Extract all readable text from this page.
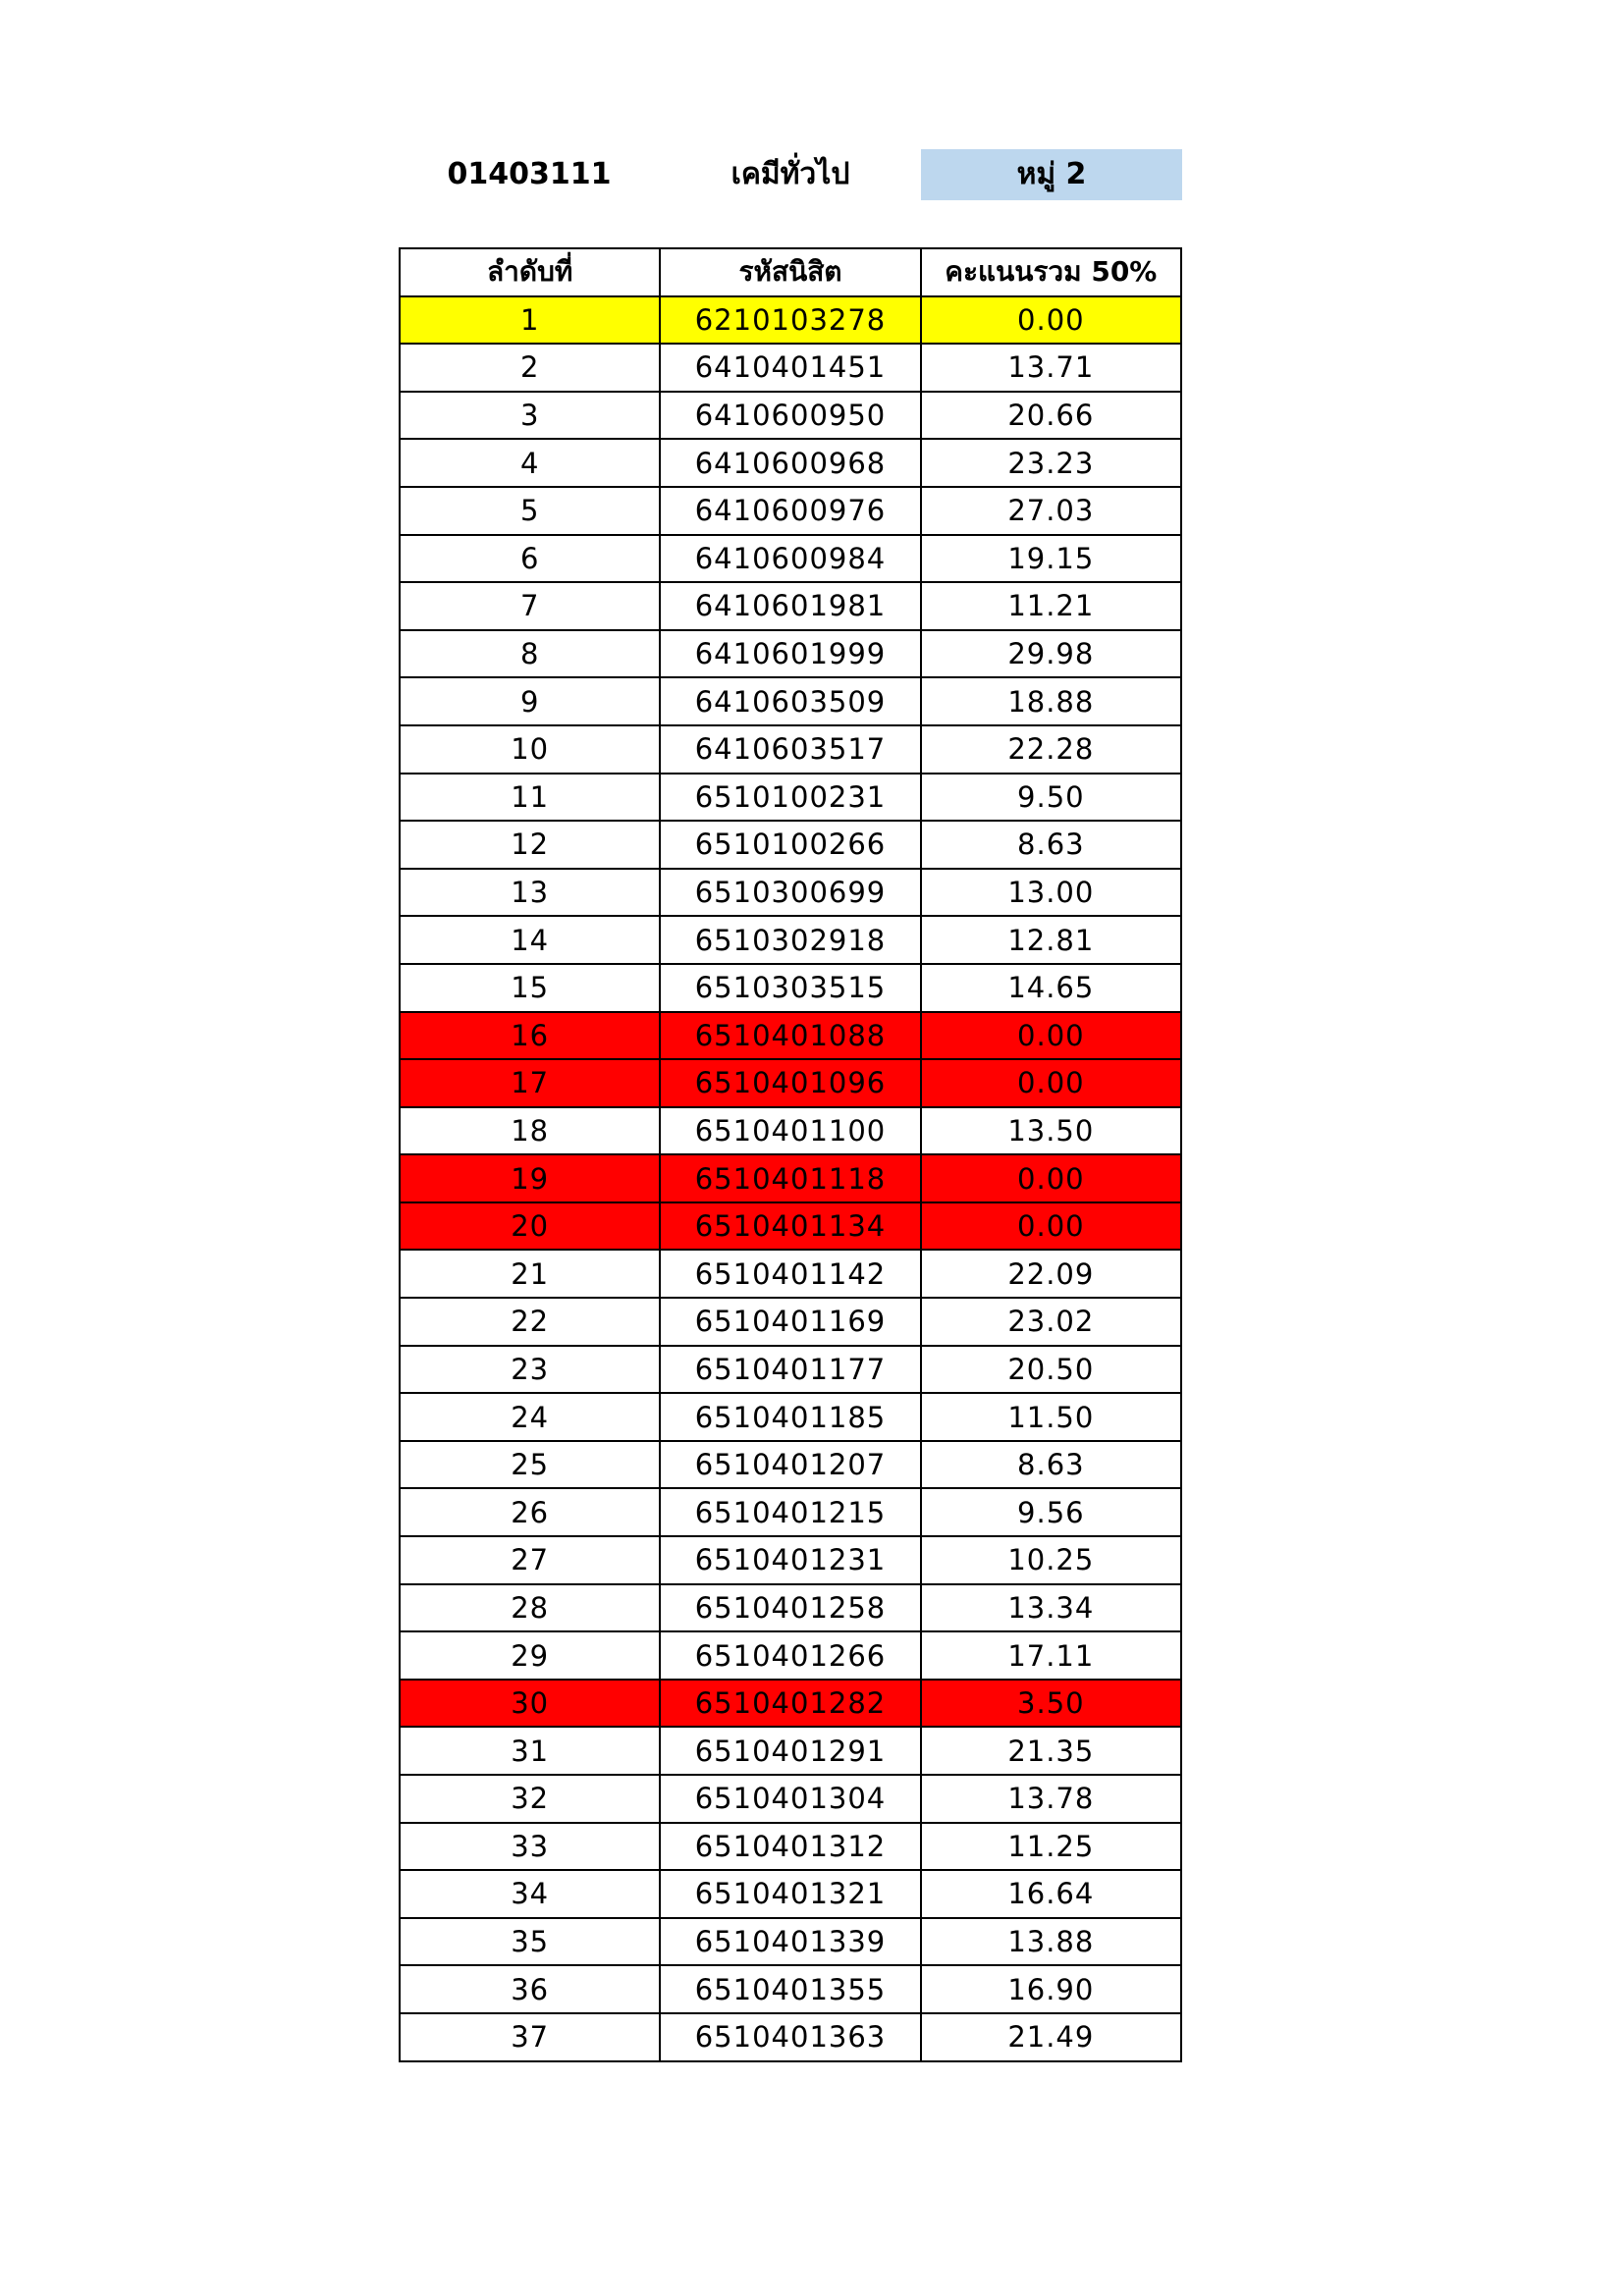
01403111	เคมีทั่วไป	หมู่ 2
ลำดับที่	รหัสนิสิต	คะแนนรวม 50%
1	6210103278	0.00
2	6410401451	13.71
3	6410600950	20.66
4	6410600968	23.23
5	6410600976	27.03
6	6410600984	19.15
7	6410601981	11.21
8	6410601999	29.98
9	6410603509	18.88
10	6410603517	22.28
11	6510100231	9.50
12	6510100266	8.63
13	6510300699	13.00
14	6510302918	12.81
15	6510303515	14.65
16	6510401088	0.00
17	6510401096	0.00
18	6510401100	13.50
19	6510401118	0.00
20	6510401134	0.00
21	6510401142	22.09
22	6510401169	23.02
23	6510401177	20.50
24	6510401185	11.50
25	6510401207	8.63
26	6510401215	9.56
27	6510401231	10.25
28	6510401258	13.34
29	6510401266	17.11
30	6510401282	3.50
31	6510401291	21.35
32	6510401304	13.78
33	6510401312	11.25
34	6510401321	16.64
35	6510401339	13.88
36	6510401355	16.90
37	6510401363	21.49
